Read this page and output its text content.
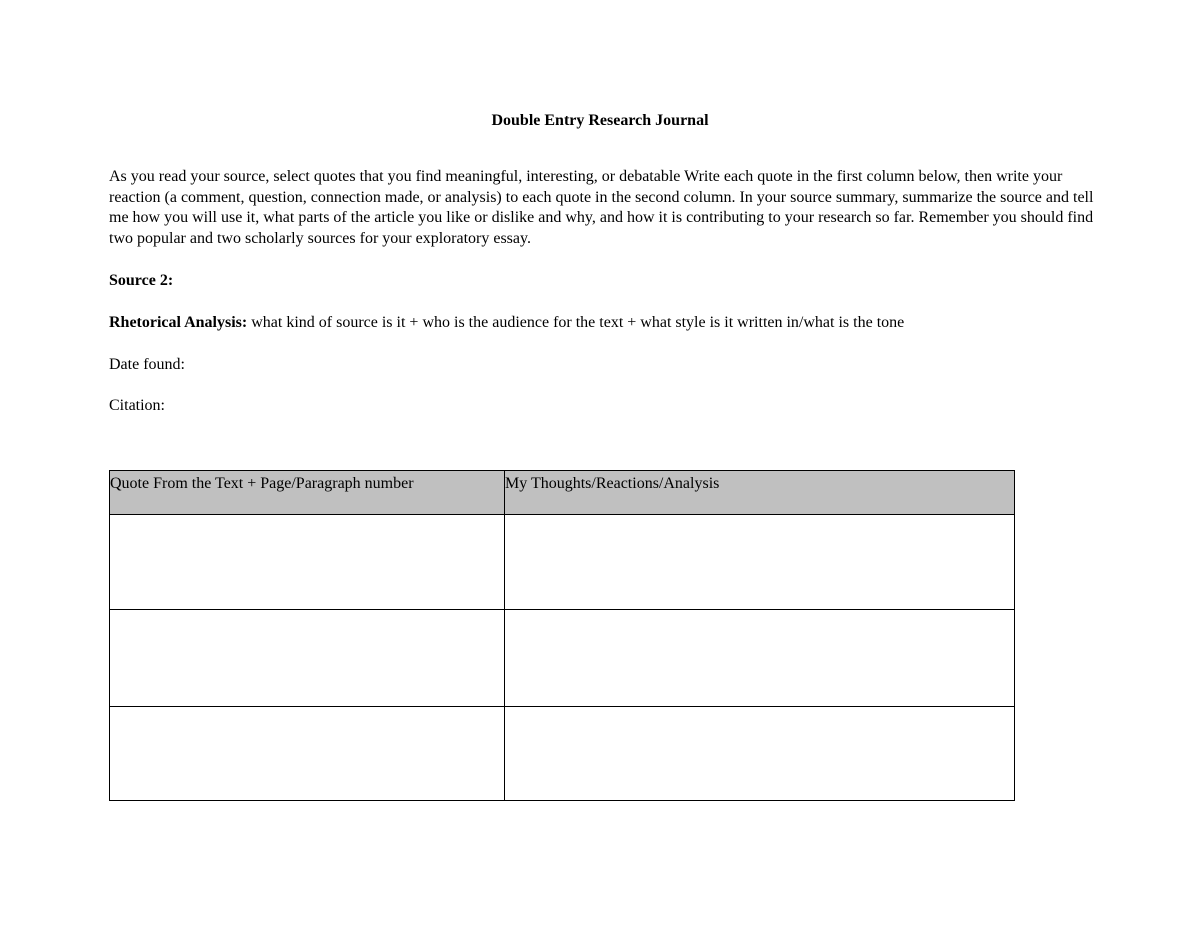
Double Entry Research Journal

As you read your source, select quotes that you find meaningful, interesting, or debatable Write each quote in the first column below, then write your reaction (a comment, question, connection made, or analysis) to each quote in the second column. In your source summary, summarize the source and tell me how you will use it, what parts of the article you like or dislike and why, and how it is contributing to your research so far. Remember you should find two popular and two scholarly sources for your exploratory essay.

Source 2:
Rhetorical Analysis: what kind of source is it + who is the audience for the text + what style is it written in/what is the tone
Date found:
Citation:
Quote From the Text + Page/Paragraph number	My Thoughts/Reactions/Analysis
